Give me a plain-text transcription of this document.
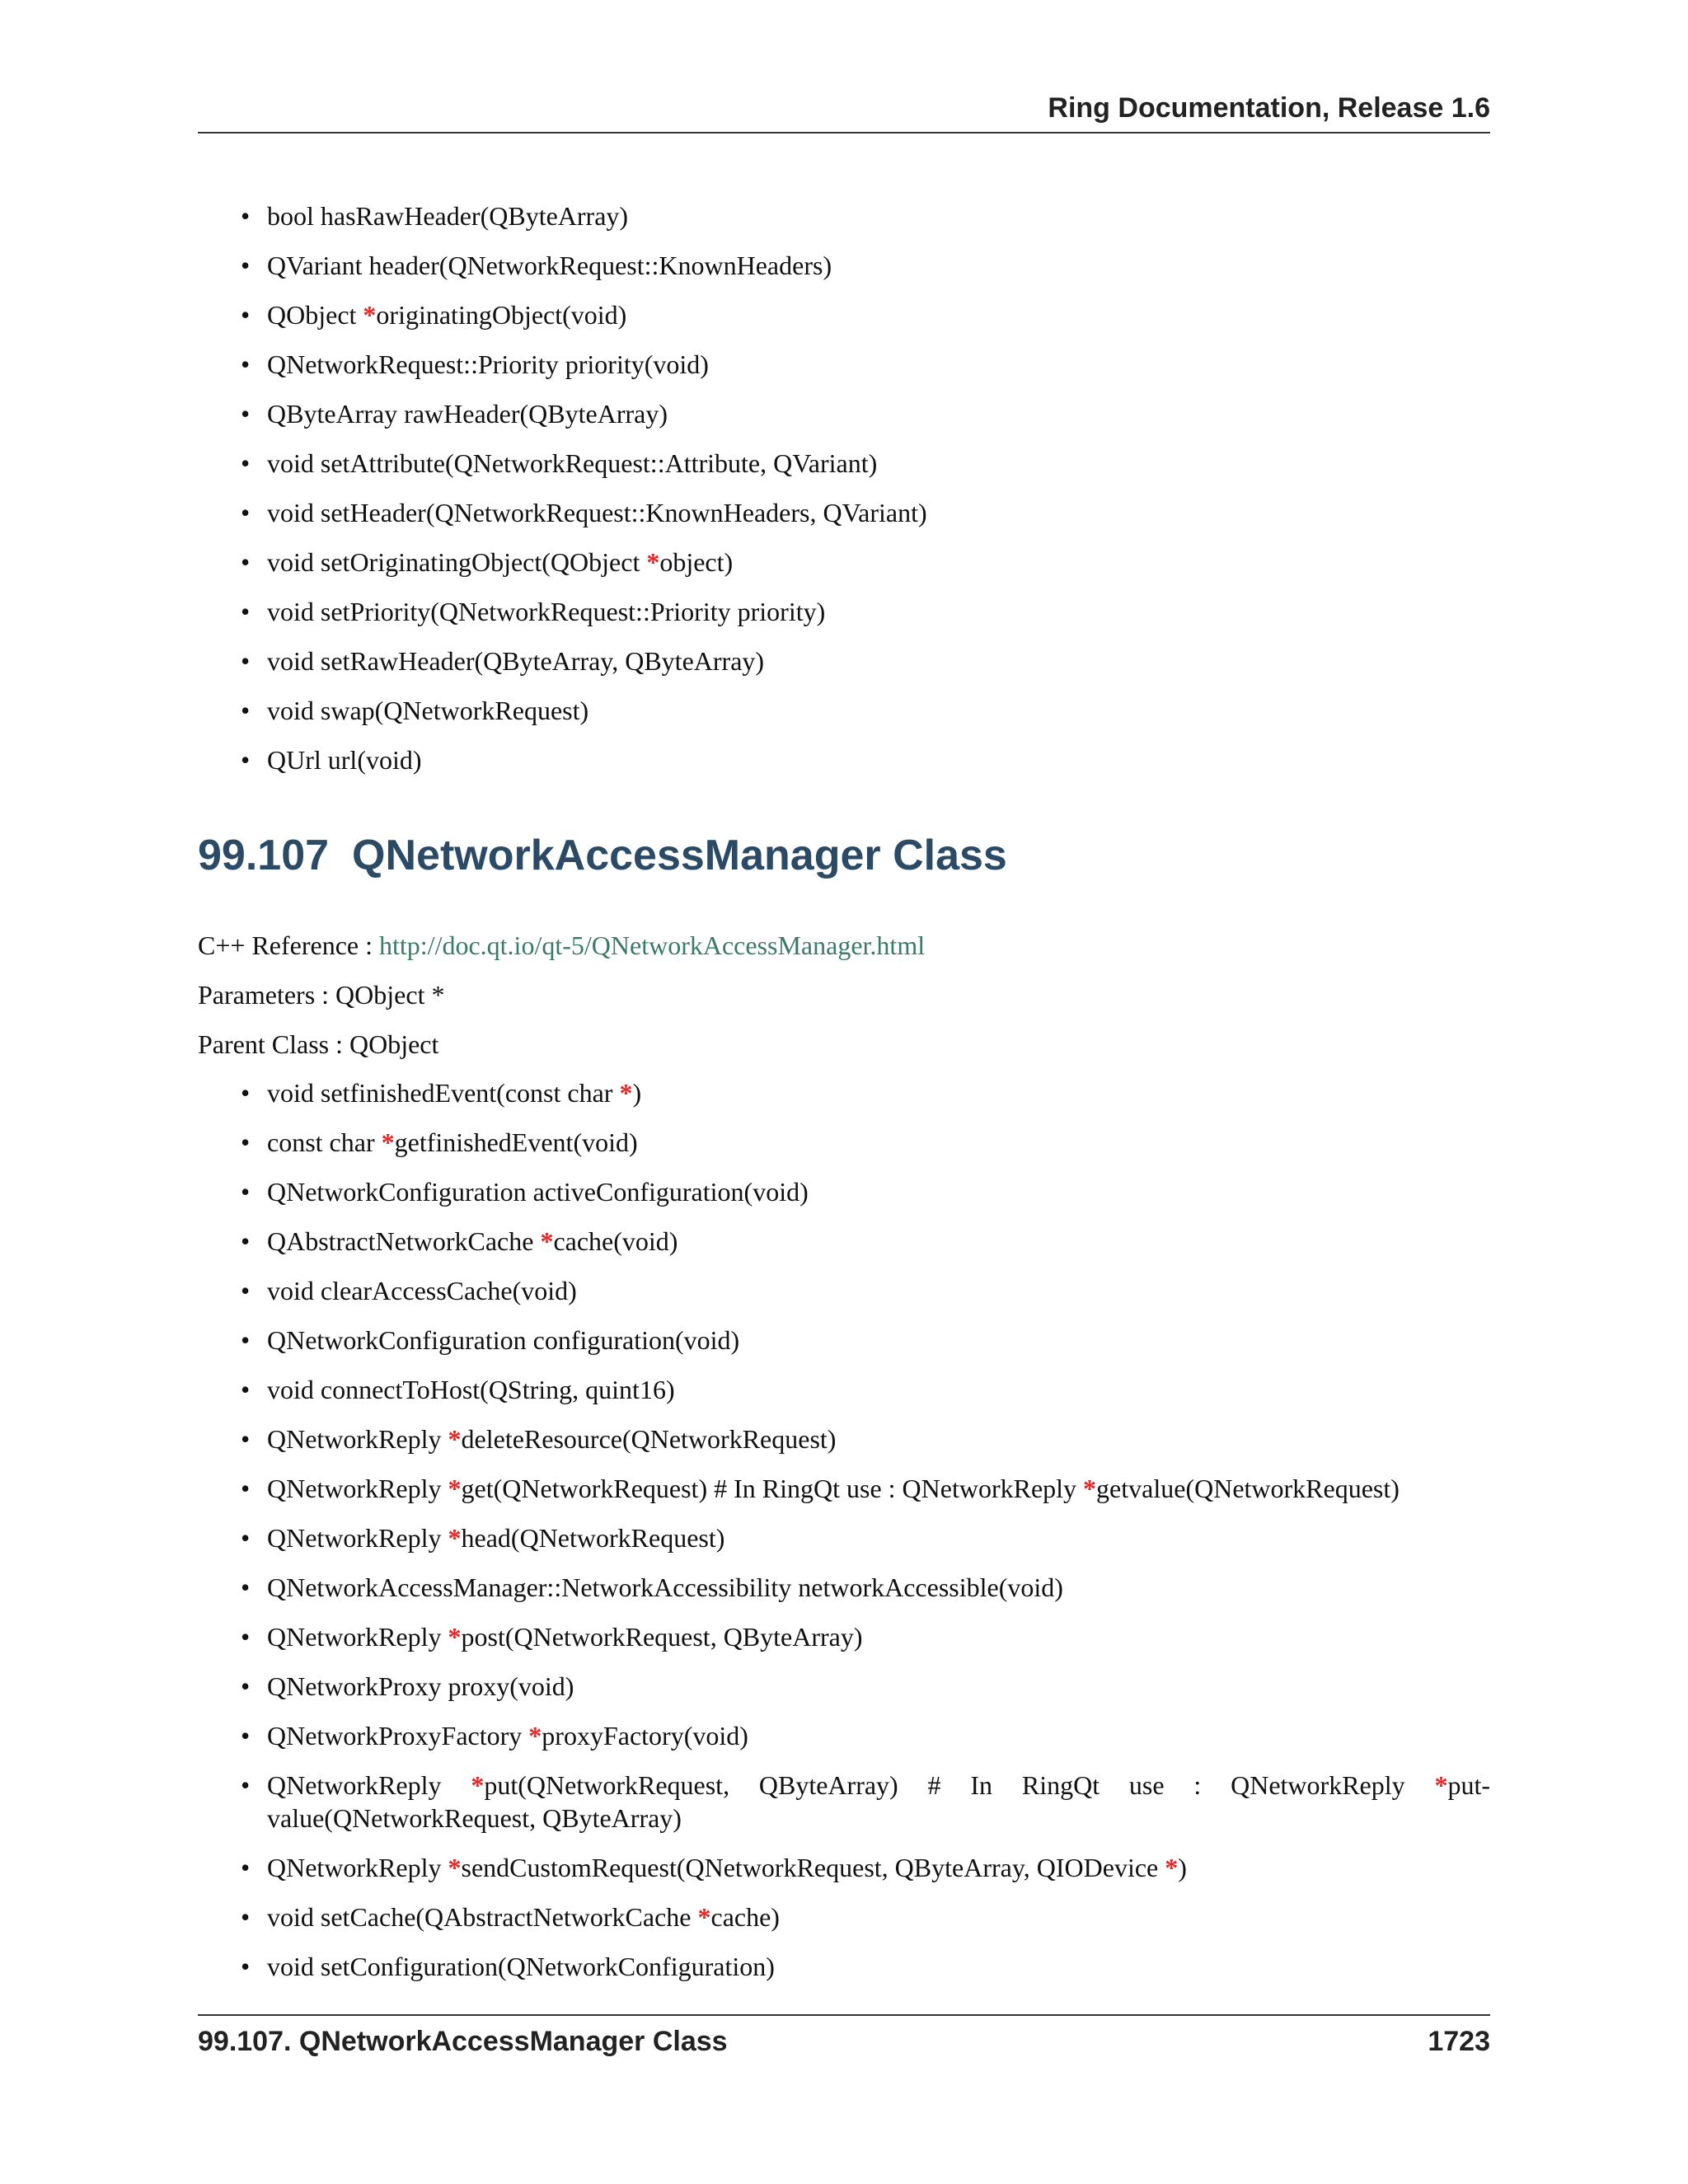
Ring Documentation, Release 1.6
• bool hasRawHeader(QByteArray)
• QVariant header(QNetworkRequest::KnownHeaders)
• QObject *originatingObject(void)
• QNetworkRequest::Priority priority(void)
• QByteArray rawHeader(QByteArray)
• void setAttribute(QNetworkRequest::Attribute, QVariant)
• void setHeader(QNetworkRequest::KnownHeaders, QVariant)
• void setOriginatingObject(QObject *object)
• void setPriority(QNetworkRequest::Priority priority)
• void setRawHeader(QByteArray, QByteArray)
• void swap(QNetworkRequest)
• QUrl url(void)
99.107 QNetworkAccessManager Class

C++ Reference : http://doc.qt.io/qt-5/QNetworkAccessManager.html

Parameters : QObject *

Parent Class : QObject

• void setfinishedEvent(const char *)
• const char *getfinishedEvent(void)
• QNetworkConfiguration activeConfiguration(void)
• QAbstractNetworkCache *cache(void)
• void clearAccessCache(void)
• QNetworkConfiguration configuration(void)
• void connectToHost(QString, quint16)
• QNetworkReply *deleteResource(QNetworkRequest)
• QNetworkReply *get(QNetworkRequest) # In RingQt use : QNetworkReply *getvalue(QNetworkRequest)
• QNetworkReply *head(QNetworkRequest)
• QNetworkAccessManager::NetworkAccessibility networkAccessible(void)
• QNetworkReply *post(QNetworkRequest, QByteArray)
• QNetworkProxy proxy(void)
• QNetworkProxyFactory *proxyFactory(void)
• QNetworkReply *put(QNetworkRequest, QByteArray) # In RingQt use : QNetworkReply *put-value(QNetworkRequest, QByteArray)
• QNetworkReply *sendCustomRequest(QNetworkRequest, QByteArray, QIODevice *)
• void setCache(QAbstractNetworkCache *cache)
• void setConfiguration(QNetworkConfiguration)
99.107. QNetworkAccessManager Class	1723
